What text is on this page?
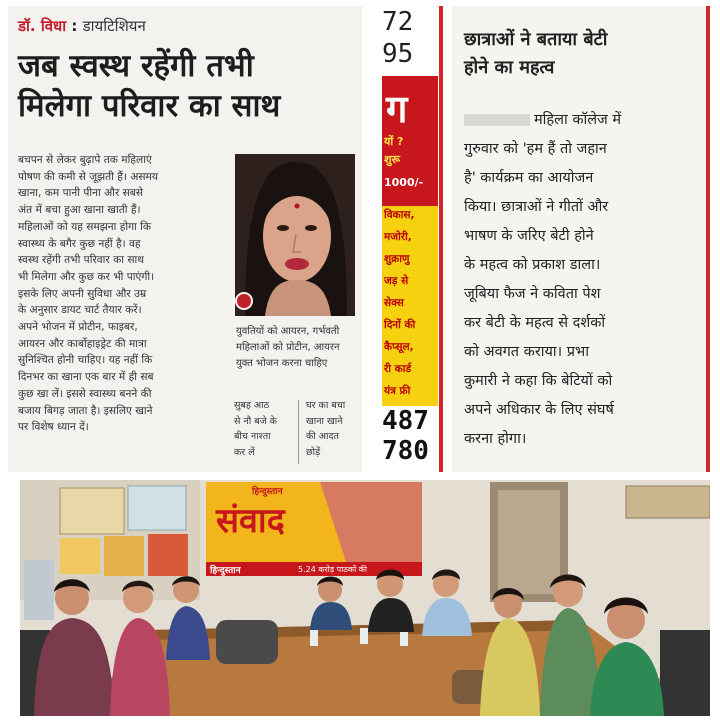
डॉ. विधा : डायटिशियन
जब स्वस्थ रहेंगी तभी
मिलेगा परिवार का साथ
बचपन से लेकर बुढ़ापे तक महिलाएं
पोषण की कमी से जूझती हैं। असमय
खाना, कम पानी पीना और सबसे
अंत में बचा हुआ खाना खाती हैं।
महिलाओं को यह समझना होगा कि
स्वास्थ्य के बगैर कुछ नहीं है। वह
स्वस्थ रहेंगी तभी परिवार का साथ
भी मिलेगा और कुछ कर भी पाएंगी।
इसके लिए अपनी सुविधा और उम्र
के अनुसार डायट चार्ट तैयार करें।
अपने भोजन में प्रोटीन, फाइबर,
आयरन और कार्बोहाइड्रेट की मात्रा
सुनिश्चित होनी चाहिए। यह नहीं कि
दिनभर का खाना एक बार में ही सब
कुछ खा लें। इससे स्वास्थ्य बनने की
बजाय बिगड़ जाता है। इसलिए खाने
पर विशेष ध्यान दें।
युवतियों को आयरन, गर्भवती
महिलाओं को प्रोटीन, आयरन
युक्त भोजन करना चाहिए
सुबह आठ
से नौ बजे के
बीच नाश्ता
कर लें
घर का बचा
खाना खाने
की आदत
छोड़ें
72
95
ग
यों ?
शुरू
1000/-
विकास,
मजोरी,
शुक्राणु
जड़ से
सेक्स
दिनों की
कैप्सूल,
री कार्ड
यंत्र फ्री
487
780
छात्राओं ने बताया बेटी
होने का महत्व
महिला कॉलेज में
गुरुवार को 'हम हैं तो जहान
है' कार्यक्रम का आयोजन
किया। छात्राओं ने गीतों और
भाषण के जरिए बेटी होने
के महत्व को प्रकाश डाला।
जूबिया फैज ने कविता पेश
कर बेटी के महत्व से दर्शकों
को अवगत कराया। प्रभा
कुमारी ने कहा कि बेटियों को
अपने अधिकार के लिए संघर्ष
करना होगा।
हिन्दुस्तान
संवाद
हिन्दुस्तान	5.24 करोड़ पाठकों की
